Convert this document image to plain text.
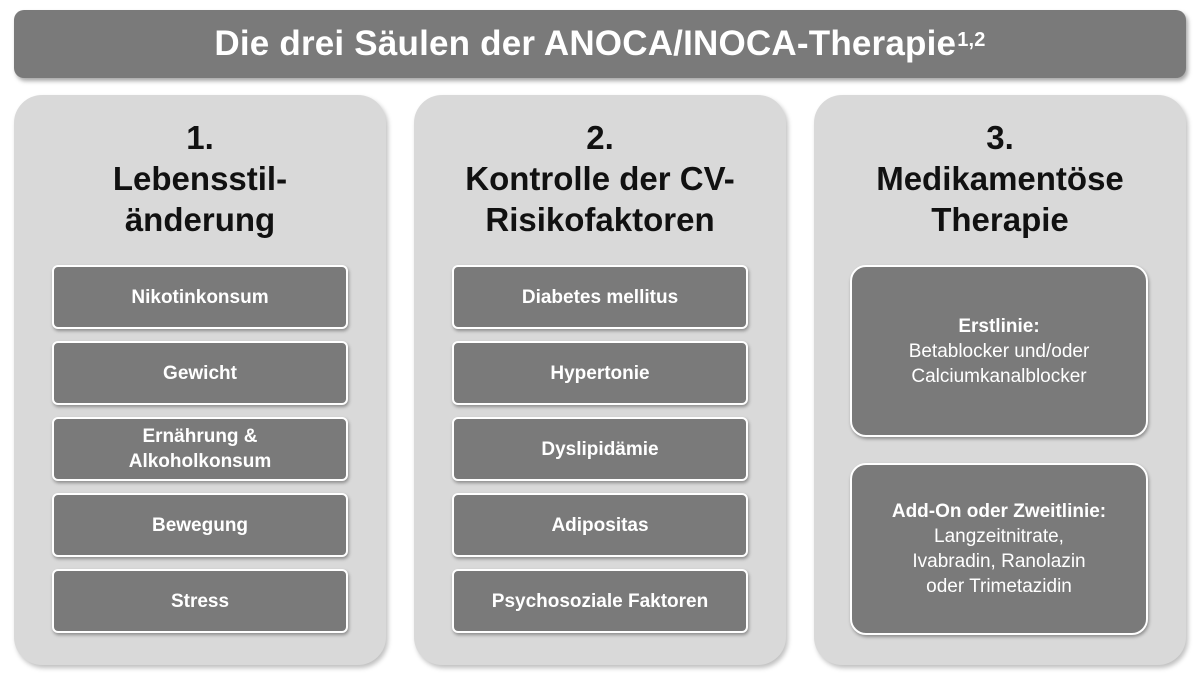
Die drei Säulen der ANOCA/INOCA-Therapie$^{1,2}$
1.
Lebensstil-
änderung
Nikotinkonsum
Gewicht
Ernährung &
Alkoholkonsum
Bewegung
Stress
2.
Kontrolle der CV-
Risikofaktoren
Diabetes mellitus
Hypertonie
Dyslipidämie
Adipositas
Psychosoziale Faktoren
3.
Medikamentöse
Therapie
Erstlinie:
Betablocker und/oder
Calciumkanalblocker
Add-On oder Zweitlinie:
Langzeitnitrate,
Ivabradin, Ranolazin
oder Trimetazidin
